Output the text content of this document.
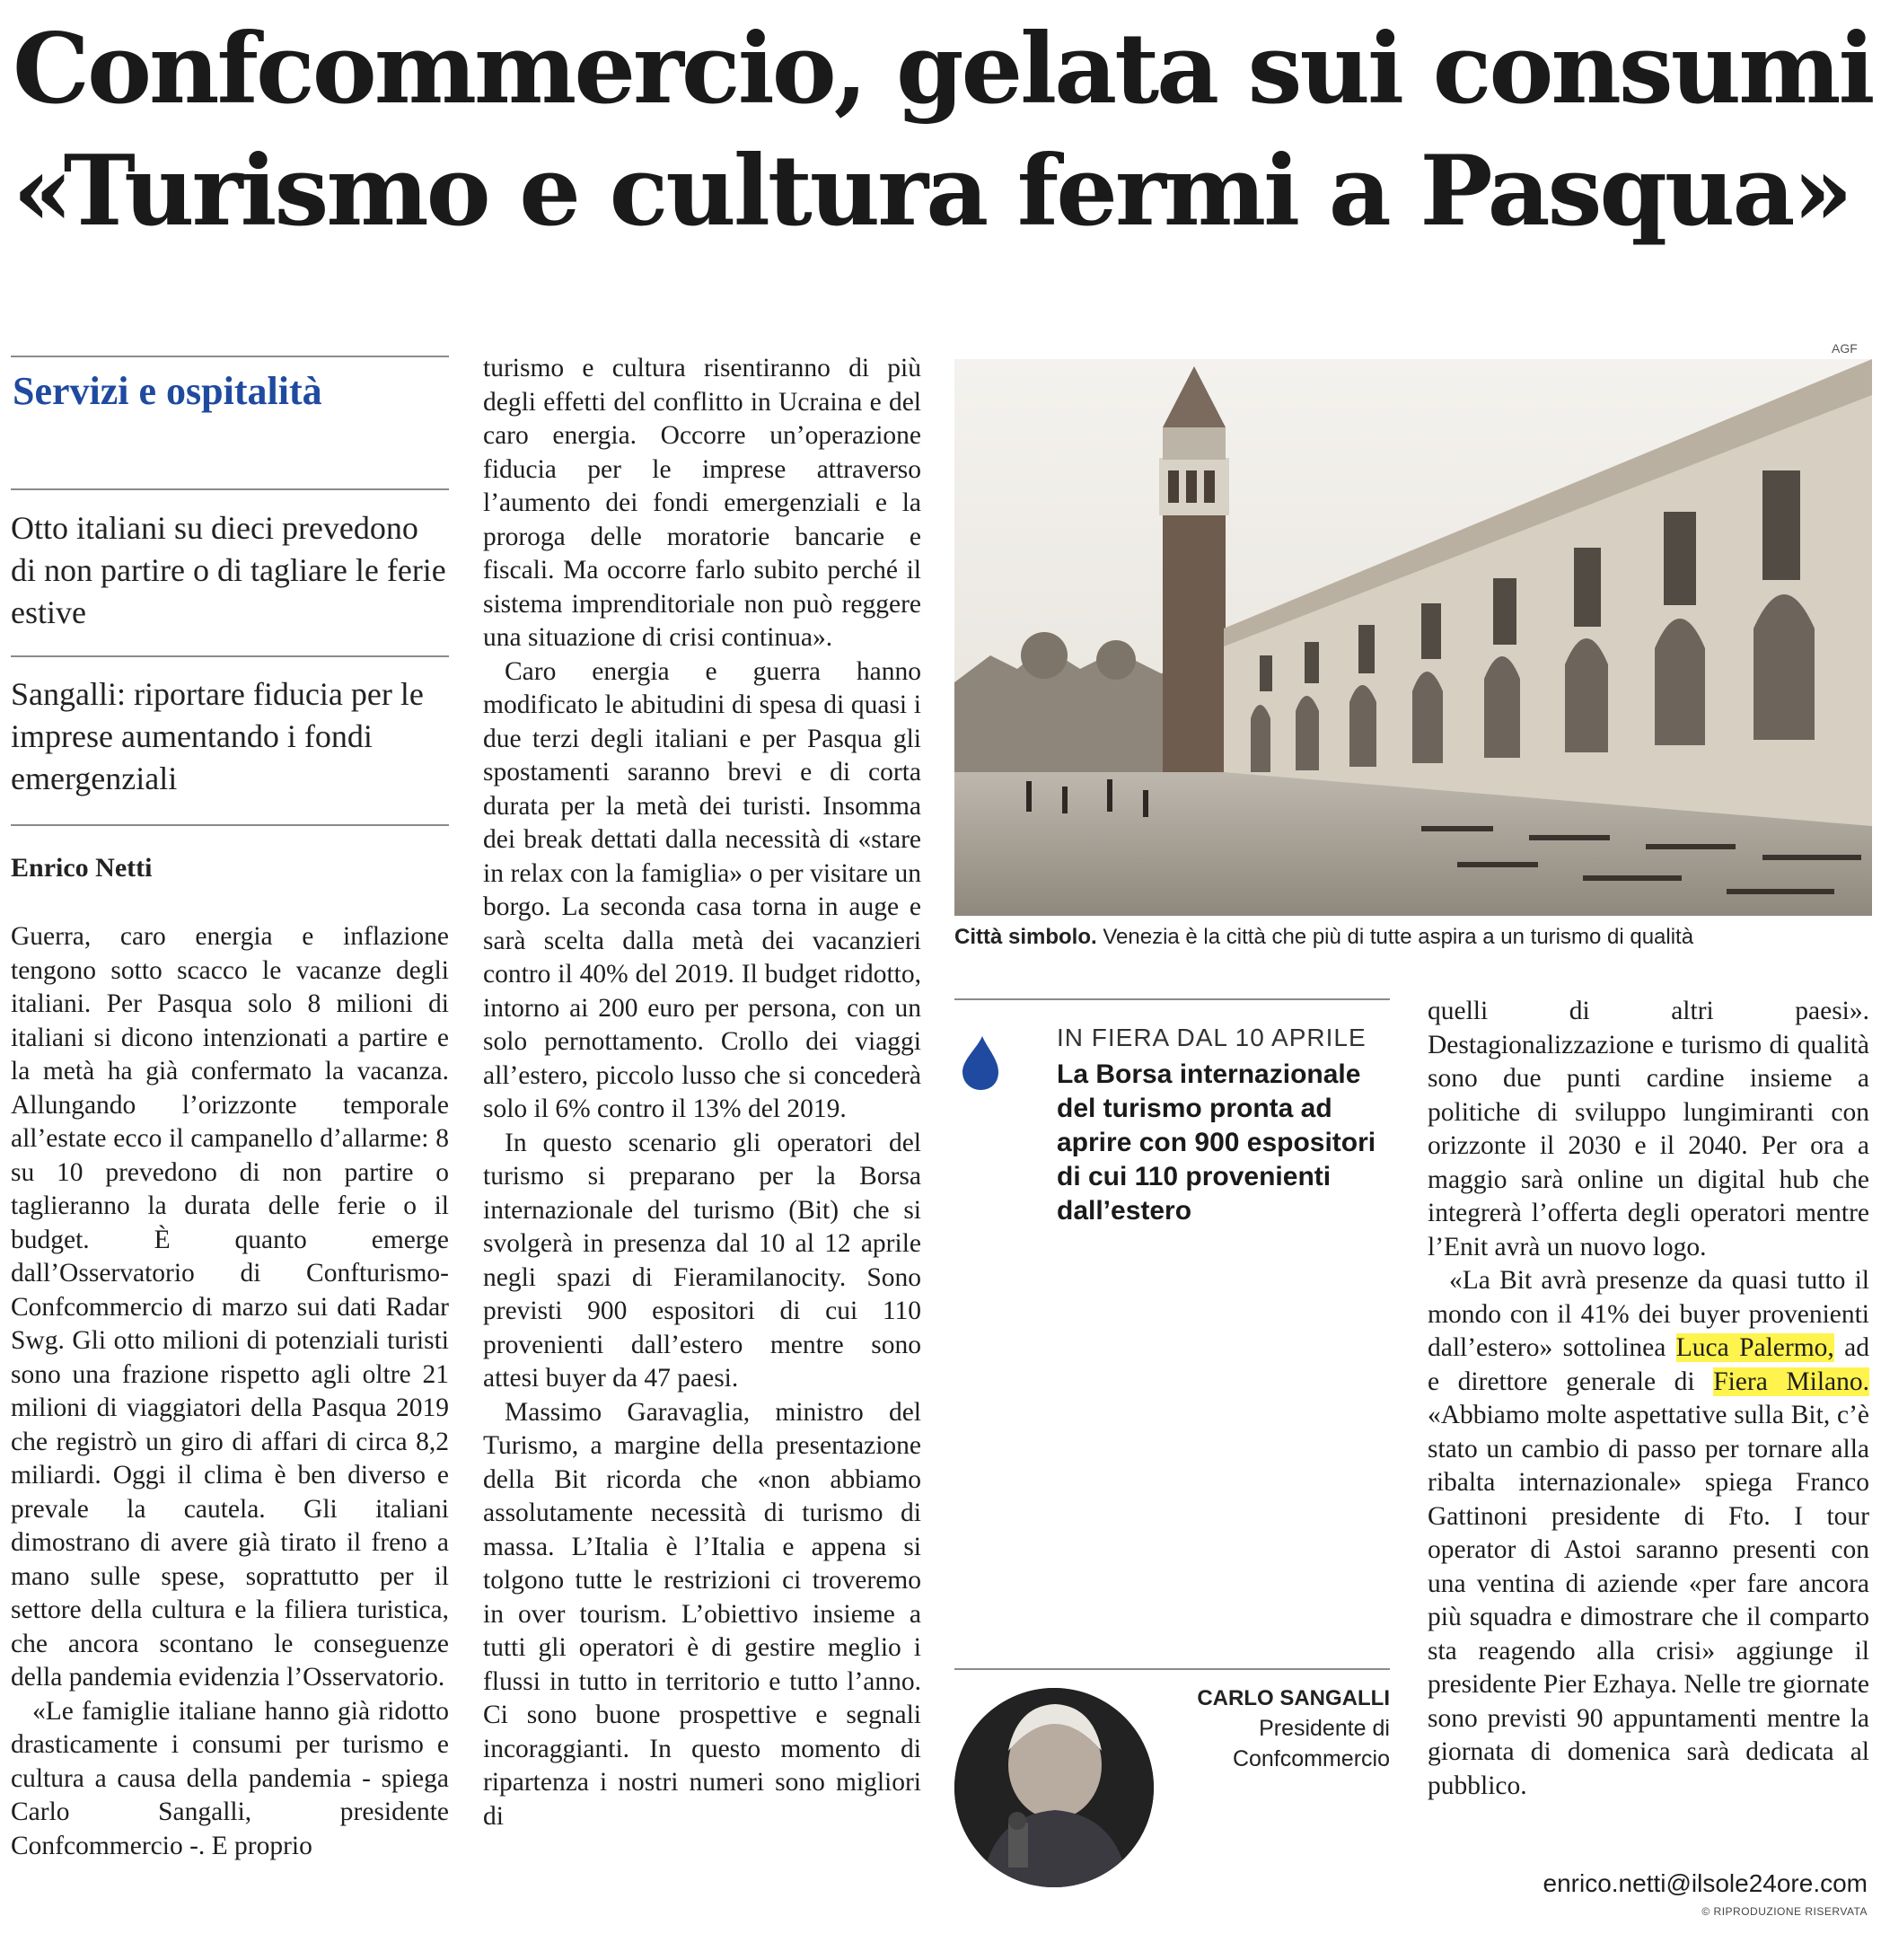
Confcommercio, gelata sui consumi
«Turismo e cultura fermi a Pasqua»

Servizi e ospitalità

Otto italiani su dieci prevedono di non partire o di tagliare le ferie estive

Sangalli: riportare fiducia per le imprese aumentando i fondi emergenziali

Enrico Netti

Guerra, caro energia e inflazione tengono sotto scacco le vacanze degli italiani. Per Pasqua solo 8 milioni di italiani si dicono intenzionati a partire e la metà ha già confermato la vacanza. Allungando l’orizzonte temporale all’estate ecco il campanello d’allarme: 8 su 10 prevedono di non partire o taglieranno la durata delle ferie o il budget. È quanto emerge dall’Osservatorio di Confturismo-Confcommercio di marzo sui dati Radar Swg. Gli otto milioni di potenziali turisti sono una frazione rispetto agli oltre 21 milioni di viaggiatori della Pasqua 2019 che registrò un giro di affari di circa 8,2 miliardi. Oggi il clima è ben diverso e prevale la cautela. Gli italiani dimostrano di avere già tirato il freno a mano sulle spese, soprattutto per il settore della cultura e la filiera turistica, che ancora scontano le conseguenze della pandemia evidenzia l’Osservatorio.

«Le famiglie italiane hanno già ridotto drasticamente i consumi per turismo e cultura a causa della pandemia - spiega Carlo Sangalli, presidente Confcommercio -. E proprio

turismo e cultura risentiranno di più degli effetti del conflitto in Ucraina e del caro energia. Occorre un’operazione fiducia per le imprese attraverso l’aumento dei fondi emergenziali e la proroga delle moratorie bancarie e fiscali. Ma occorre farlo subito perché il sistema imprenditoriale non può reggere una situazione di crisi continua».

Caro energia e guerra hanno modificato le abitudini di spesa di quasi i due terzi degli italiani e per Pasqua gli spostamenti saranno brevi e di corta durata per la metà dei turisti. Insomma dei break dettati dalla necessità di «stare in relax con la famiglia» o per visitare un borgo. La seconda casa torna in auge e sarà scelta dalla metà dei vacanzieri contro il 40% del 2019. Il budget ridotto, intorno ai 200 euro per persona, con un solo pernottamento. Crollo dei viaggi all’estero, piccolo lusso che si concederà solo il 6% contro il 13% del 2019.

In questo scenario gli operatori del turismo si preparano per la Borsa internazionale del turismo (Bit) che si svolgerà in presenza dal 10 al 12 aprile negli spazi di Fieramilanocity. Sono previsti 900 espositori di cui 110 provenienti dall’estero mentre sono attesi buyer da 47 paesi.

Massimo Garavaglia, ministro del Turismo, a margine della presentazione della Bit ricorda che «non abbiamo assolutamente necessità di turismo di massa. L’Italia è l’Italia e appena si tolgono tutte le restrizioni ci troveremo in over tourism. L’obiettivo insieme a tutti gli operatori è di gestire meglio i flussi in tutto in territorio e tutto l’anno. Ci sono buone prospettive e segnali incoraggianti. In questo momento di ripartenza i nostri numeri sono migliori di

AGF

Città simbolo. Venezia è la città che più di tutte aspira a un turismo di qualità

IN FIERA DAL 10 APRILE

La Borsa internazionale del turismo pronta ad aprire con 900 espositori di cui 110 provenienti dall’estero

CARLO SANGALLI

Presidente di Confcommercio

quelli di altri paesi». Destagionalizzazione e turismo di qualità sono due punti cardine insieme a politiche di sviluppo lungimiranti con orizzonte il 2030 e il 2040. Per ora a maggio sarà online un digital hub che integrerà l’offerta degli operatori mentre l’Enit avrà un nuovo logo.

«La Bit avrà presenze da quasi tutto il mondo con il 41% dei buyer provenienti dall’estero» sottolinea Luca Palermo, ad e direttore generale di Fiera Milano. «Abbiamo molte aspettative sulla Bit, c’è stato un cambio di passo per tornare alla ribalta internazionale» spiega Franco Gattinoni presidente di Fto. I tour operator di Astoi saranno presenti con una ventina di aziende «per fare ancora più squadra e dimostrare che il comparto sta reagendo alla crisi» aggiunge il presidente Pier Ezhaya. Nelle tre giornate sono previsti 90 appuntamenti mentre la giornata di domenica sarà dedicata al pubblico.

enrico.netti@ilsole24ore.com

© RIPRODUZIONE RISERVATA
